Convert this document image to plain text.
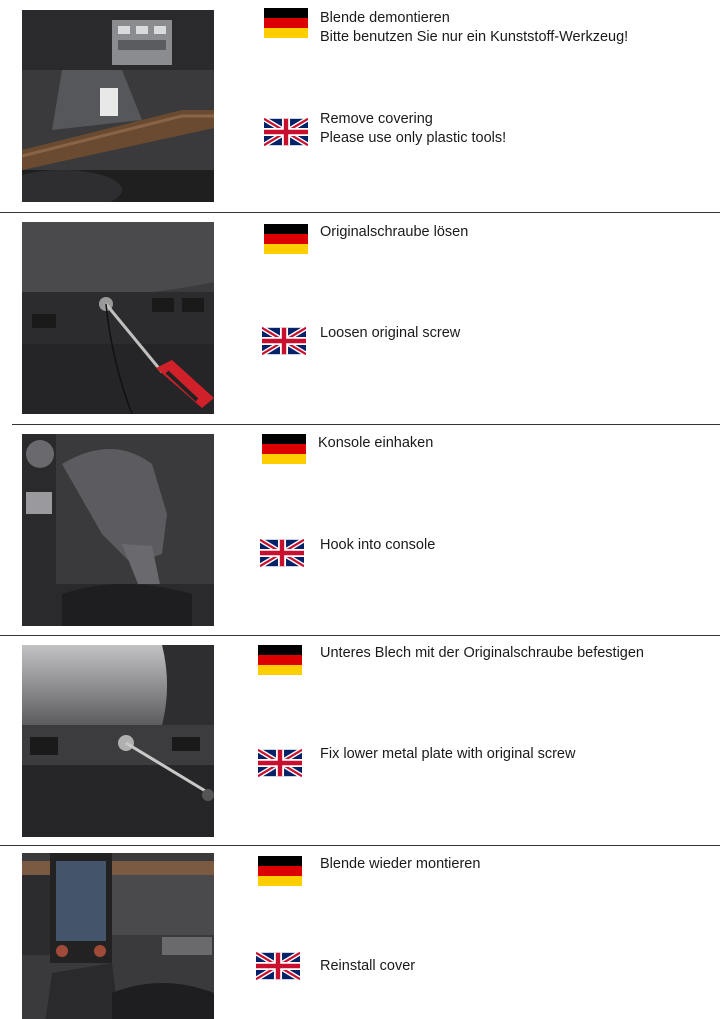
Blende demontieren
Bitte benutzen Sie nur ein Kunststoff-Werkzeug!
Remove covering
Please use only plastic tools!
Originalschraube lösen
Loosen original screw
Konsole einhaken
Hook into console
Unteres Blech mit der Originalschraube befestigen
Fix lower metal plate with original screw
Blende wieder montieren
Reinstall cover
